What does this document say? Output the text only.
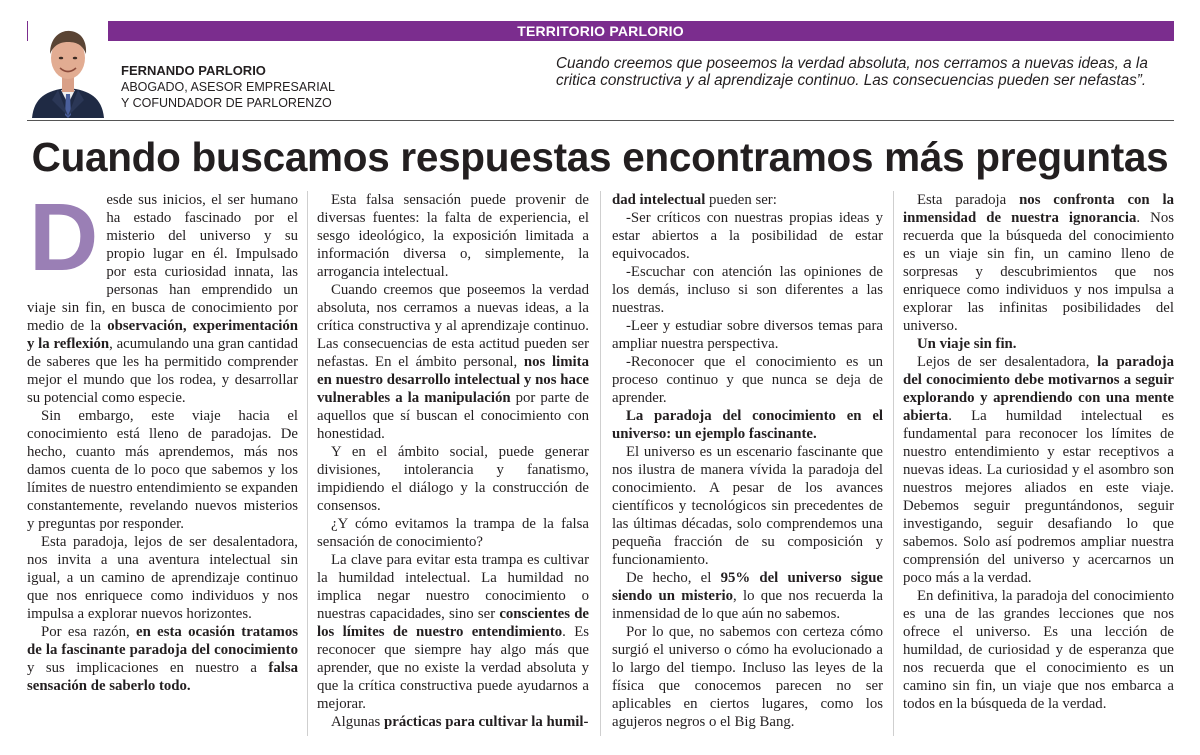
TERRITORIO PARLORIO
FERNANDO PARLORIO
ABOGADO, ASESOR EMPRESARIAL
Y COFUNDADOR DE PARLORENZO
Cuando creemos que poseemos la verdad absoluta, nos cerramos a nuevas ideas, a la critica constructiva y al aprendizaje continuo. Las consecuencias pueden ser nefastas”.
Cuando buscamos respuestas encontramos más preguntas

Desde sus inicios, el ser humano ha estado fascinado por el misterio del universo y su propio lugar en él. Impulsado por esta curiosidad innata, las personas han emprendido un viaje sin fin, en busca de conocimiento por medio de la observación, experimentación y la reflexión, acumulando una gran cantidad de saberes que les ha permitido comprender mejor el mundo que los rodea, y desarrollar su potencial como especie.

Sin embargo, este viaje hacia el conocimiento está lleno de paradojas. De hecho, cuanto más aprendemos, más nos damos cuenta de lo poco que sabemos y los límites de nuestro entendimiento se expanden constantemente, revelando nuevos misterios y preguntas por responder.

Esta paradoja, lejos de ser desalentadora, nos invita a una aventura intelectual sin igual, a un camino de aprendizaje continuo que nos enriquece como individuos y nos impulsa a explorar nuevos horizontes.

Por esa razón, en esta ocasión tratamos de la fascinante paradoja del conocimiento y sus implicaciones en nuestro a falsa sensación de saberlo todo.

Esta falsa sensación puede provenir de diversas fuentes: la falta de experiencia, el sesgo ideológico, la exposición limitada a información diversa o, simplemente, la arrogancia intelectual.

Cuando creemos que poseemos la verdad absoluta, nos cerramos a nuevas ideas, a la crítica constructiva y al aprendizaje continuo. Las consecuencias de esta actitud pueden ser nefastas. En el ámbito personal, nos limita en nuestro desarrollo intelectual y nos hace vulnerables a la manipulación por parte de aquellos que sí buscan el conocimiento con honestidad.

Y en el ámbito social, puede generar divisiones, intolerancia y fanatismo, impidiendo el diálogo y la construcción de consensos.

¿Y cómo evitamos la trampa de la falsa sensación de conocimiento?

La clave para evitar esta trampa es cultivar la humildad intelectual. La humildad no implica negar nuestro conocimiento o nuestras capacidades, sino ser conscientes de los límites de nuestro entendimiento. Es reconocer que siempre hay algo más que aprender, que no existe la verdad absoluta y que la crítica constructiva puede ayudarnos a mejorar.

Algunas prácticas para cultivar la humil-

dad intelectual pueden ser:

-Ser críticos con nuestras propias ideas y estar abiertos a la posibilidad de estar equivocados.

-Escuchar con atención las opiniones de los demás, incluso si son diferentes a las nuestras.

-Leer y estudiar sobre diversos temas para ampliar nuestra perspectiva.

-Reconocer que el conocimiento es un proceso continuo y que nunca se deja de aprender.

La paradoja del conocimiento en el universo: un ejemplo fascinante.

El universo es un escenario fascinante que nos ilustra de manera vívida la paradoja del conocimiento. A pesar de los avances científicos y tecnológicos sin precedentes de las últimas décadas, solo comprendemos una pequeña fracción de su composición y funcionamiento.

De hecho, el 95% del universo sigue siendo un misterio, lo que nos recuerda la inmensidad de lo que aún no sabemos.

Por lo que, no sabemos con certeza cómo surgió el universo o cómo ha evolucionado a lo largo del tiempo. Incluso las leyes de la física que conocemos parecen no ser aplicables en ciertos lugares, como los agujeros negros o el Big Bang.

Esta paradoja nos confronta con la inmensidad de nuestra ignorancia. Nos recuerda que la búsqueda del conocimiento es un viaje sin fin, un camino lleno de sorpresas y descubrimientos que nos enriquece como individuos y nos impulsa a explorar las infinitas posibilidades del universo.

Un viaje sin fin.

Lejos de ser desalentadora, la paradoja del conocimiento debe motivarnos a seguir explorando y aprendiendo con una mente abierta. La humildad intelectual es fundamental para reconocer los límites de nuestro entendimiento y estar receptivos a nuevas ideas. La curiosidad y el asombro son nuestros mejores aliados en este viaje. Debemos seguir preguntándonos, seguir investigando, seguir desafiando lo que sabemos. Solo así podremos ampliar nuestra comprensión del universo y acercarnos un poco más a la verdad.

En definitiva, la paradoja del conocimiento es una de las grandes lecciones que nos ofrece el universo. Es una lección de humildad, de curiosidad y de esperanza que nos recuerda que el conocimiento es un camino sin fin, un viaje que nos embarca a todos en la búsqueda de la verdad.
